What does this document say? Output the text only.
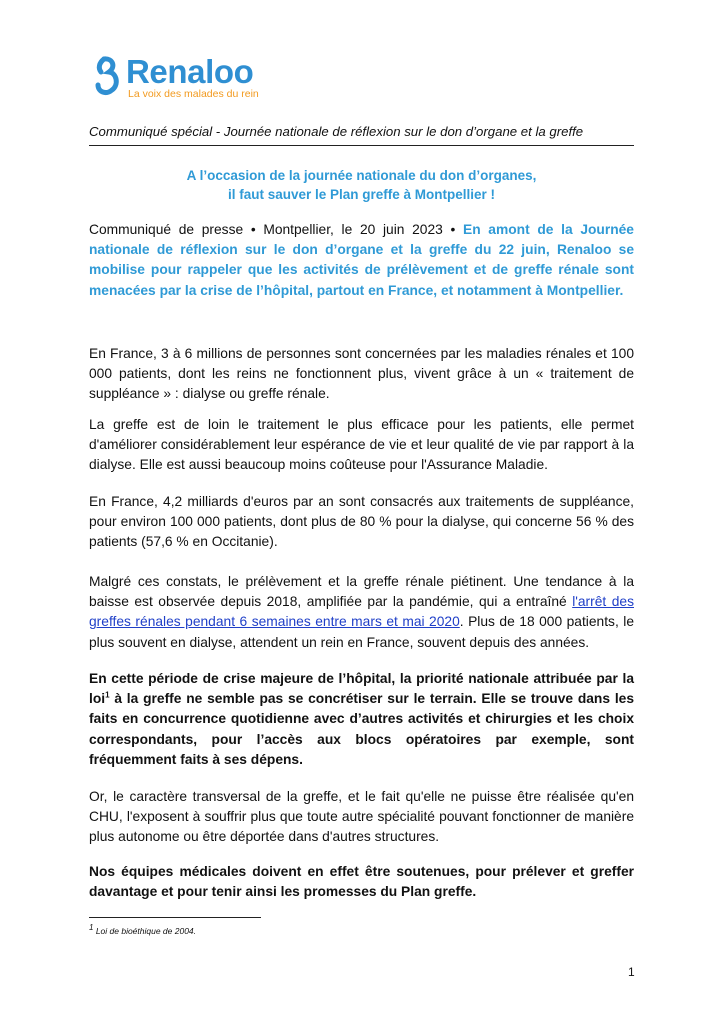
Renaloo
La voix des malades du rein
Communiqué spécial - Journée nationale de réflexion sur le don d’organe et la greffe
A l’occasion de la journée nationale du don d’organes,
il faut sauver le Plan greffe à Montpellier !

Communiqué de presse • Montpellier, le 20 juin 2023 • En amont de la Journée nationale de réflexion sur le don d’organe et la greffe du 22 juin, Renaloo se mobilise pour rappeler que les activités de prélèvement et de greffe rénale sont menacées par la crise de l’hôpital, partout en France, et notamment à Montpellier.

En France, 3 à 6 millions de personnes sont concernées par les maladies rénales et 100 000 patients, dont les reins ne fonctionnent plus, vivent grâce à un « traitement de suppléance » : dialyse ou greffe rénale.

La greffe est de loin le traitement le plus efficace pour les patients, elle permet d'améliorer considérablement leur espérance de vie et leur qualité de vie par rapport à la dialyse. Elle est aussi beaucoup moins coûteuse pour l'Assurance Maladie.

En France, 4,2 milliards d'euros par an sont consacrés aux traitements de suppléance, pour environ 100 000 patients, dont plus de 80 % pour la dialyse, qui concerne 56 % des patients (57,6 % en Occitanie).

Malgré ces constats, le prélèvement et la greffe rénale piétinent. Une tendance à la baisse est observée depuis 2018, amplifiée par la pandémie, qui a entraîné l'arrêt des greffes rénales pendant 6 semaines entre mars et mai 2020. Plus de 18 000 patients, le plus souvent en dialyse, attendent un rein en France, souvent depuis des années.

En cette période de crise majeure de l’hôpital, la priorité nationale attribuée par la loi$^1$ à la greffe ne semble pas se concrétiser sur le terrain. Elle se trouve dans les faits en concurrence quotidienne avec d’autres activités et chirurgies et les choix correspondants, pour l’accès aux blocs opératoires par exemple, sont fréquemment faits à ses dépens.

Or, le caractère transversal de la greffe, et le fait qu'elle ne puisse être réalisée qu'en CHU, l'exposent à souffrir plus que toute autre spécialité pouvant fonctionner de manière plus autonome ou être déportée dans d'autres structures.

Nos équipes médicales doivent en effet être soutenues, pour prélever et greffer davantage et pour tenir ainsi les promesses du Plan greffe.

$^1$ Loi de bioéthique de 2004.
1
